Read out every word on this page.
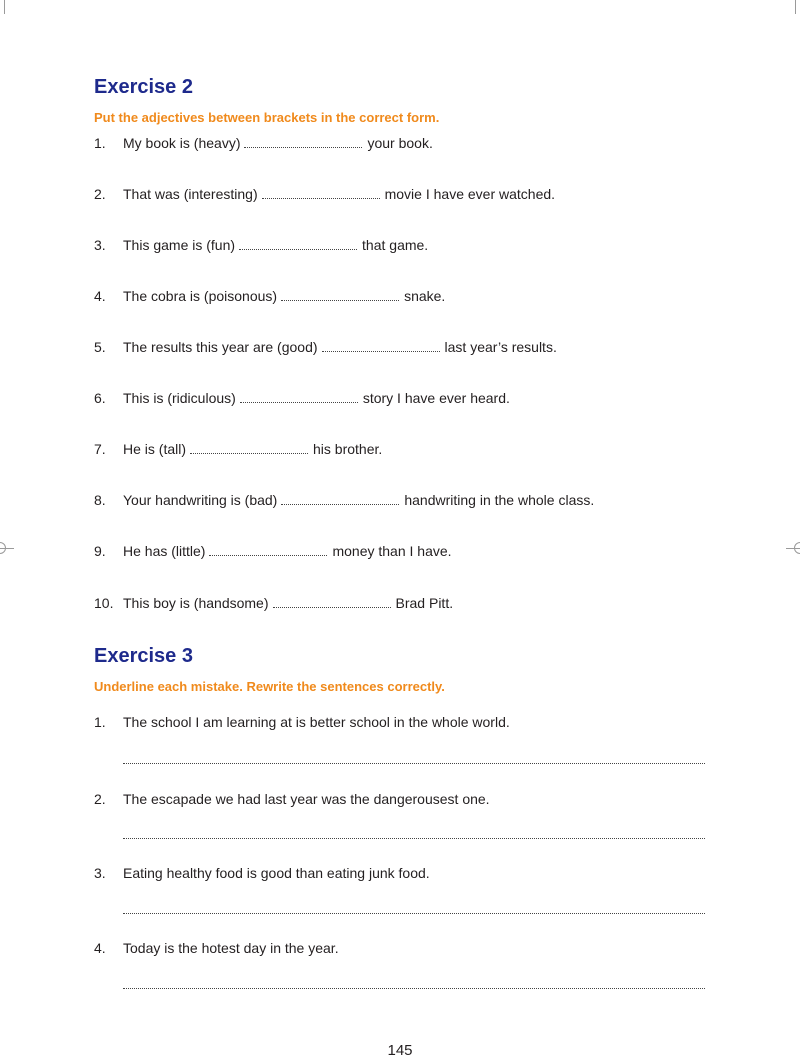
Exercise 2

Put the adjectives between brackets in the correct form.

1. My book is (heavy)	your book.
2. That was (interesting)	movie I have ever watched.
3. This game is (fun)	that game.
4. The cobra is (poisonous)	snake.
5. The results this year are (good)	last year’s results.
6. This is (ridiculous)	story I have ever heard.
7. He is (tall)	his brother.
8. Your handwriting is (bad)	handwriting in the whole class.
9. He has (little)	money than I have.
10. This boy is (handsome)	Brad Pitt.
Exercise 3

Underline each mistake. Rewrite the sentences correctly.

1. The school I am learning at is better school in the whole world.
2. The escapade we had last year was the dangerousest one.
3. Eating healthy food is good than eating junk food.
4. Today is the hotest day in the year.
145
